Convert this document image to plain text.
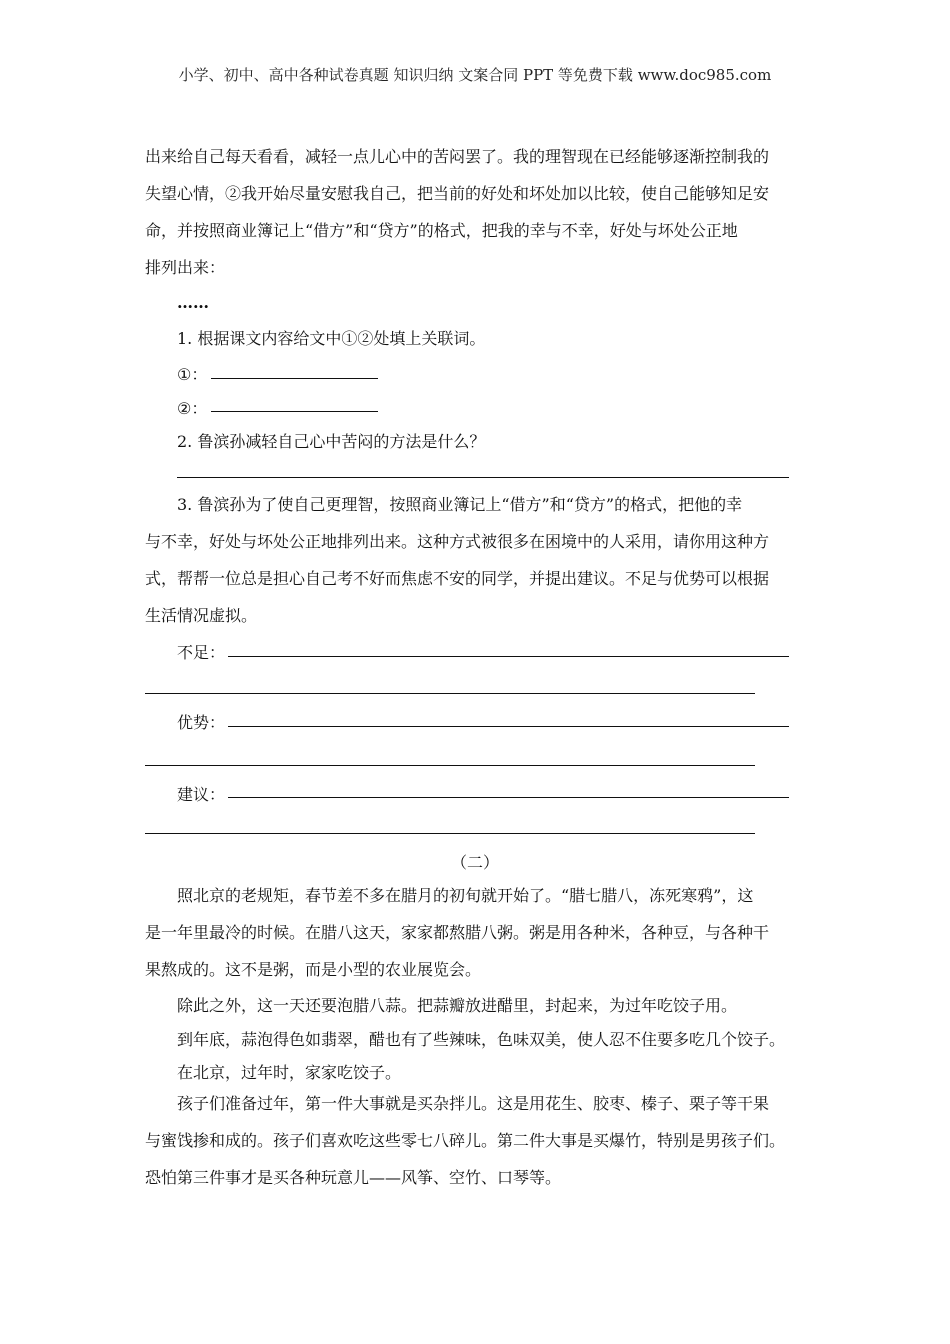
小学、初中、高中各种试卷真题 知识归纳 文案合同 PPT 等免费下载 www.doc985.com
出来给自己每天看看，减轻一点儿心中的苦闷罢了。我的理智现在已经能够逐渐控制我的
失望心情，②我开始尽量安慰我自己，把当前的好处和坏处加以比较，使自己能够知足安
命，并按照商业簿记上“借方”和“贷方”的格式，把我的幸与不幸，好处与坏处公正地
排列出来：
……
1. 根据课文内容给文中①②处填上关联词。
①：
②：
2. 鲁滨孙减轻自己心中苦闷的方法是什么？
3. 鲁滨孙为了使自己更理智，按照商业簿记上“借方”和“贷方”的格式，把他的幸
与不幸，好处与坏处公正地排列出来。这种方式被很多在困境中的人采用，请你用这种方
式，帮帮一位总是担心自己考不好而焦虑不安的同学，并提出建议。不足与优势可以根据
生活情况虚拟。
不足：
优势：
建议：
（二）
照北京的老规矩，春节差不多在腊月的初旬就开始了。“腊七腊八，冻死寒鸦”，这
是一年里最冷的时候。在腊八这天，家家都熬腊八粥。粥是用各种米，各种豆，与各种干
果熬成的。这不是粥，而是小型的农业展览会。
除此之外，这一天还要泡腊八蒜。把蒜瓣放进醋里，封起来，为过年吃饺子用。
到年底，蒜泡得色如翡翠，醋也有了些辣味，色味双美，使人忍不住要多吃几个饺子。
在北京，过年时，家家吃饺子。
孩子们准备过年，第一件大事就是买杂拌儿。这是用花生、胶枣、榛子、栗子等干果
与蜜饯掺和成的。孩子们喜欢吃这些零七八碎儿。第二件大事是买爆竹，特别是男孩子们。
恐怕第三件事才是买各种玩意儿——风筝、空竹、口琴等。
